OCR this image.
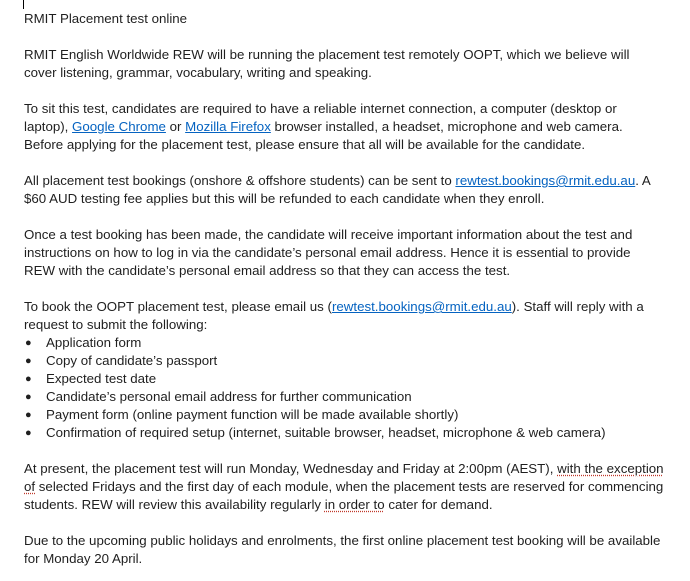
RMIT Placement test online

RMIT English Worldwide REW will be running the placement test remotely OOPT, which we believe will cover listening, grammar, vocabulary, writing and speaking.

To sit this test, candidates are required to have a reliable internet connection, a computer (desktop or laptop), Google Chrome or Mozilla Firefox browser installed, a headset, microphone and web camera. Before applying for the placement test, please ensure that all will be available for the candidate.

All placement test bookings (onshore & offshore students) can be sent to rewtest.bookings@rmit.edu.au. A $60 AUD testing fee applies but this will be refunded to each candidate when they enroll.

Once a test booking has been made, the candidate will receive important information about the test and instructions on how to log in via the candidate’s personal email address. Hence it is essential to provide REW with the candidate’s personal email address so that they can access the test.

To book the OOPT placement test, please email us (rewtest.bookings@rmit.edu.au). Staff will reply with a request to submit the following:

● Application form
● Copy of candidate’s passport
● Expected test date
● Candidate’s personal email address for further communication
● Payment form (online payment function will be made available shortly)
● Confirmation of required setup (internet, suitable browser, headset, microphone & web camera)

At present, the placement test will run Monday, Wednesday and Friday at 2:00pm (AEST), with the exception of selected Fridays and the first day of each module, when the placement tests are reserved for commencing students. REW will review this availability regularly in order to cater for demand.

Due to the upcoming public holidays and enrolments, the first online placement test booking will be available for Monday 20 April.
